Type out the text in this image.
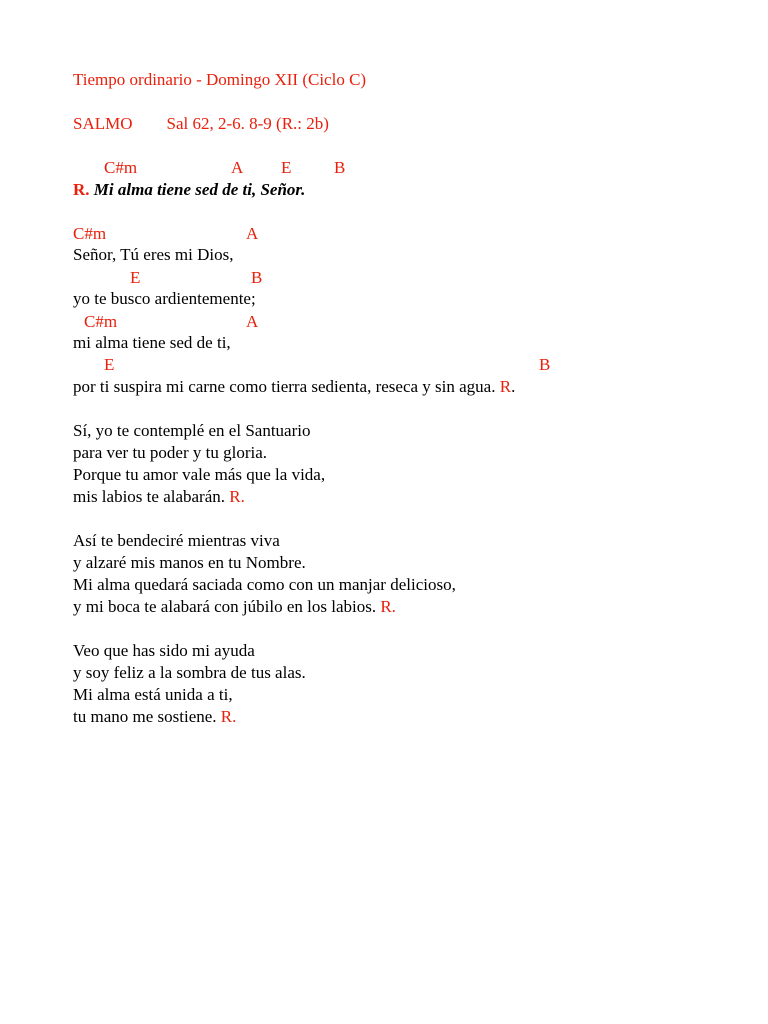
Tiempo ordinario - Domingo XII (Ciclo C)
SALMO Sal 62, 2-6. 8-9 (R.: 2b)
C#m	A E	B
R. Mi alma tiene sed de ti, Señor.
C#m	A
Señor, Tú eres mi Dios,
E	B
yo te busco ardientemente;
C#m	A
mi alma tiene sed de ti,
E	B
por ti suspira mi carne como tierra sedienta, reseca y sin agua. R.
Sí, yo te contemplé en el Santuario
para ver tu poder y tu gloria.
Porque tu amor vale más que la vida,
mis labios te alabarán. R.
Así te bendeciré mientras viva
y alzaré mis manos en tu Nombre.
Mi alma quedará saciada como con un manjar delicioso,
y mi boca te alabará con júbilo en los labios. R.
Veo que has sido mi ayuda
y soy feliz a la sombra de tus alas.
Mi alma está unida a ti,
tu mano me sostiene. R.
